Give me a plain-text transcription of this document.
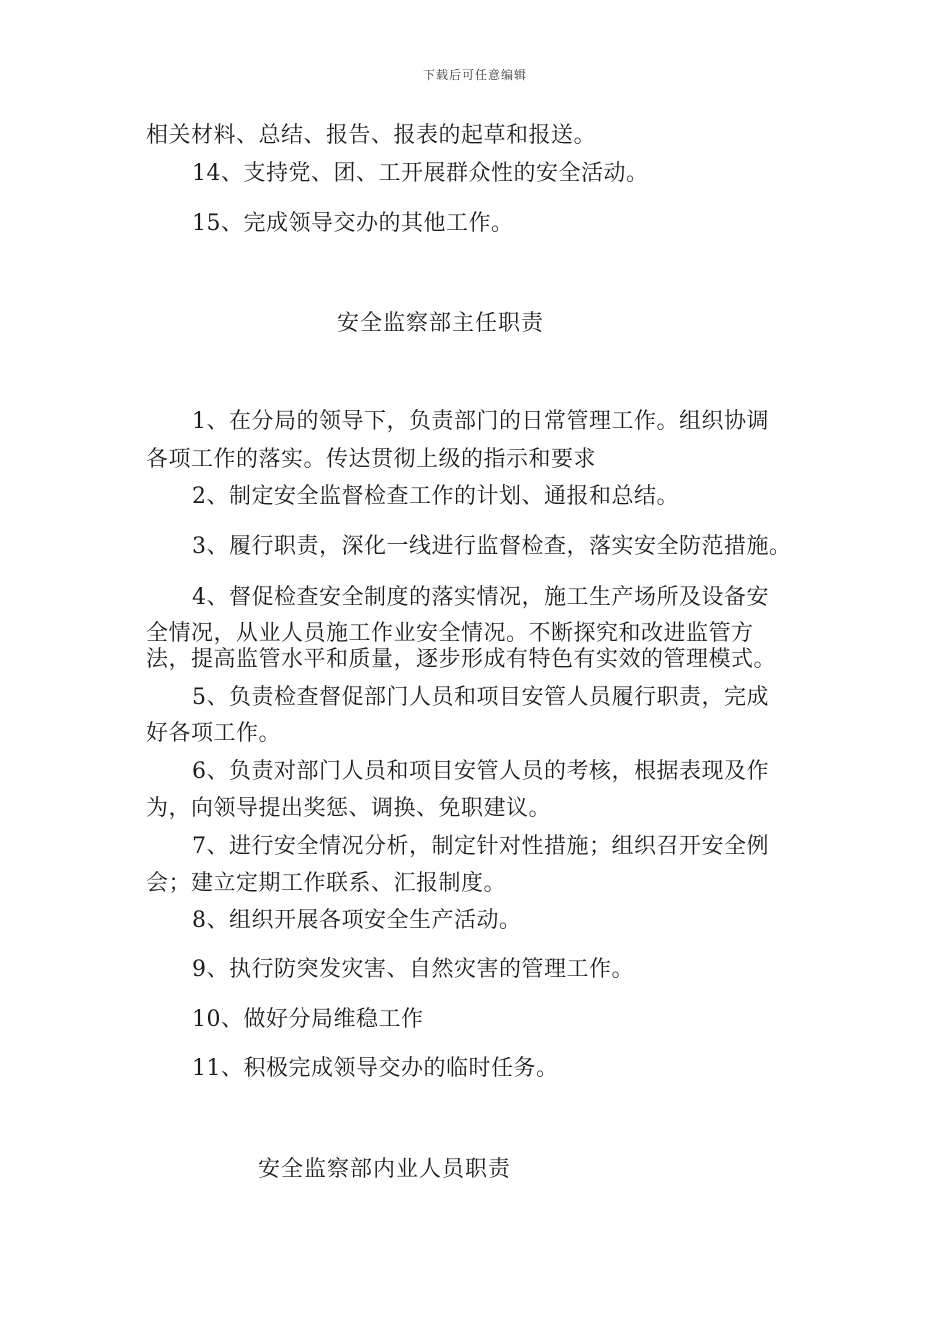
下载后可任意编辑
相关材料、总结、报告、报表的起草和报送。
14、支持党、团、工开展群众性的安全活动。
15、完成领导交办的其他工作。
安全监察部主任职责
1、在分局的领导下，负责部门的日常管理工作。组织协调
各项工作的落实。传达贯彻上级的指示和要求
2、制定安全监督检查工作的计划、通报和总结。
3、履行职责，深化一线进行监督检查，落实安全防范措施。
4、督促检查安全制度的落实情况，施工生产场所及设备安
全情况，从业人员施工作业安全情况。不断探究和改进监管方
法，提高监管水平和质量，逐步形成有特色有实效的管理模式。
5、负责检查督促部门人员和项目安管人员履行职责，完成
好各项工作。
6、负责对部门人员和项目安管人员的考核，根据表现及作
为，向领导提出奖惩、调换、免职建议。
7、进行安全情况分析，制定针对性措施；组织召开安全例
会；建立定期工作联系、汇报制度。
8、组织开展各项安全生产活动。
9、执行防突发灾害、自然灾害的管理工作。
10、做好分局维稳工作
11、积极完成领导交办的临时任务。
安全监察部内业人员职责
